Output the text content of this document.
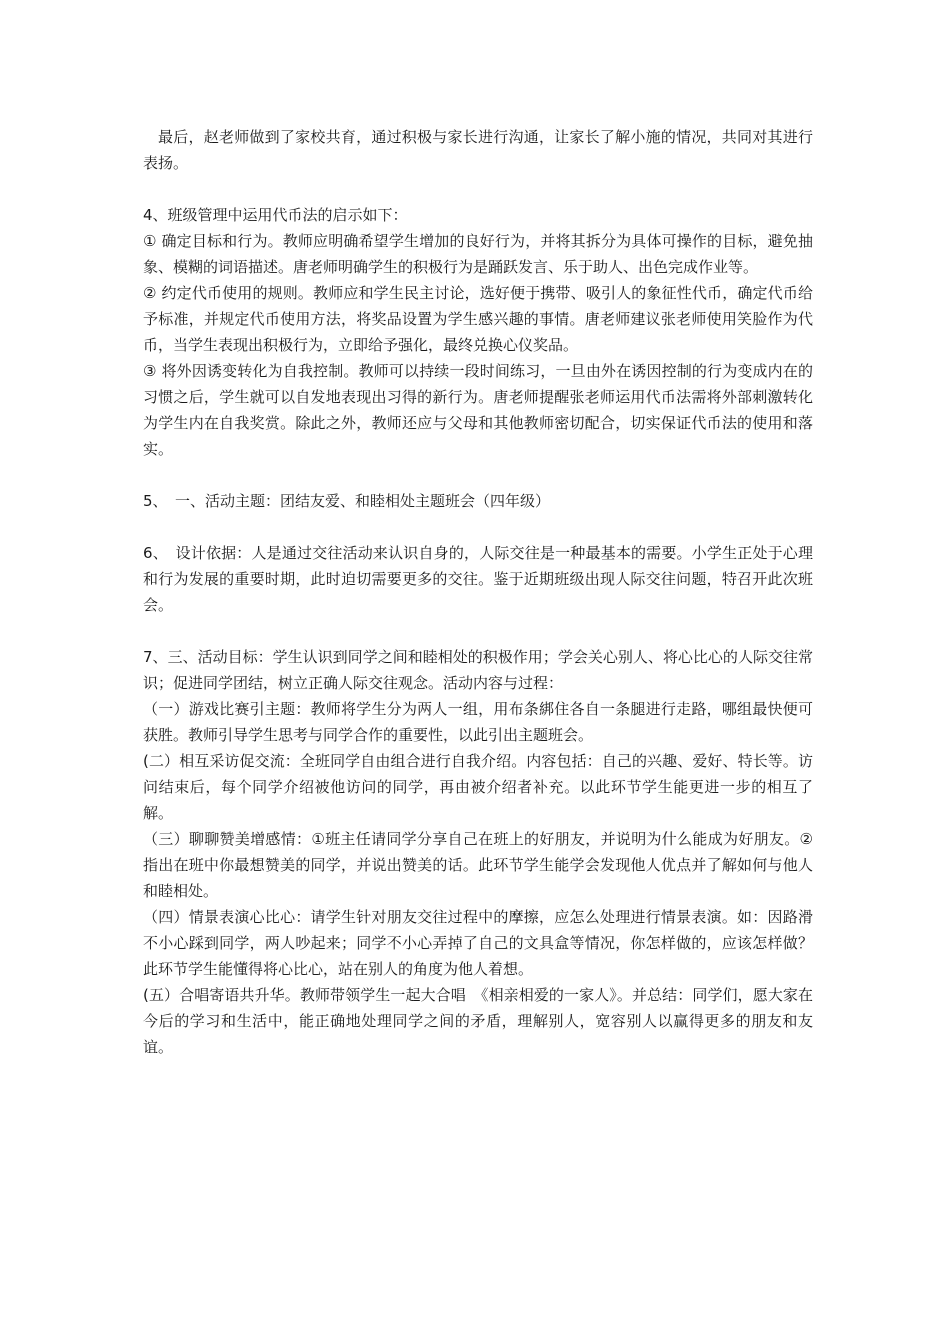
最后，赵老师做到了家校共育，通过积极与家长进行沟通，让家长了解小施的情况，共同对其进行表扬。

4、班级管理中运用代币法的启示如下：

① 确定目标和行为。教师应明确希望学生增加的良好行为，并将其拆分为具体可操作的目标，避免抽象、模糊的词语描述。唐老师明确学生的积极行为是踊跃发言、乐于助人、出色完成作业等。

② 约定代币使用的规则。教师应和学生民主讨论，选好便于携带、吸引人的象征性代币，确定代币给予标准，并规定代币使用方法，将奖品设置为学生感兴趣的事情。唐老师建议张老师使用笑脸作为代币，当学生表现出积极行为，立即给予强化，最终兑换心仪奖品。

③ 将外因诱变转化为自我控制。教师可以持续一段时间练习，一旦由外在诱因控制的行为变成内在的习惯之后，学生就可以自发地表现出习得的新行为。唐老师提醒张老师运用代币法需将外部刺激转化为学生内在自我奖赏。除此之外，教师还应与父母和其他教师密切配合，切实保证代币法的使用和落实。

5、　一、活动主题：团结友爱、和睦相处主题班会（四年级）

6、　设计依据：人是通过交往活动来认识自身的，人际交往是一种最基本的需要。小学生正处于心理和行为发展的重要时期，此时迫切需要更多的交往。鉴于近期班级出现人际交往问题，特召开此次班会。

7、三、活动目标：学生认识到同学之间和睦相处的积极作用；学会关心别人、将心比心的人际交往常识；促进同学团结，树立正确人际交往观念。活动内容与过程：

（一）游戏比赛引主题：教师将学生分为两人一组，用布条綁住各自一条腿进行走路，哪组最快便可获胜。教师引导学生思考与同学合作的重要性，以此引出主题班会。

(二）相互采访促交流：全班同学自由组合进行自我介绍。内容包括：自己的兴趣、爱好、特长等。访问结束后，每个同学介绍被他访问的同学，再由被介绍者补充。以此环节学生能更进一步的相互了解。

（三）聊聊赞美增感情：①班主任请同学分享自己在班上的好朋友，并说明为什么能成为好朋友。②指出在班中你最想赞美的同学，并说出赞美的话。此环节学生能学会发现他人优点并了解如何与他人和睦相处。

（四）情景表演心比心：请学生针对朋友交往过程中的摩擦，应怎么处理进行情景表演。如：因路滑不小心踩到同学，两人吵起来；同学不小心弄掉了自己的文具盒等情况，你怎样做的，应该怎样做？此环节学生能懂得将心比心，站在别人的角度为他人着想。

(五）合唱寄语共升华。教师带领学生一起大合唱　《相亲相爱的一家人》。并总结：同学们，愿大家在今后的学习和生活中，能正确地处理同学之间的矛盾，理解别人，宽容别人以赢得更多的朋友和友谊。
